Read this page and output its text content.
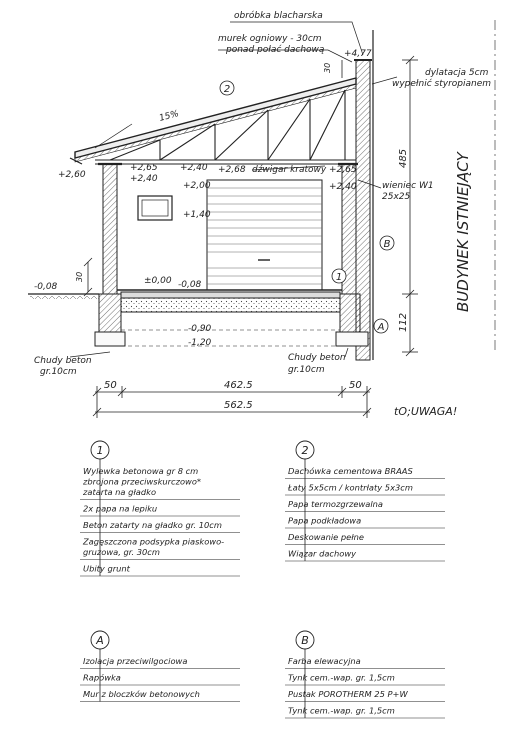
2
1
B
A
obróbka blacharska
murek ogniowy - 30cm
ponad połać dachową
dylatacja 5cm
wypełnić styropianem
dźwigar kratowy
wieniec W1
25x25
15%
Chudy beton
gr.10cm
Chudy beton
gr.10cm
BUDYNEK ISTNIEJĄCY
tO;UWAGA!
+4,77
+2,60
+2,65
+2,40
+2,40 +2,68	+2,65
+2,40
+2,00
+1,40
±0,00 -0,08
-0,08
-0,90
-1,20
30
30
485
112
50	462.5	50
562.5
1
Wylewka betonowa gr 8 cm
zbrojona przeciwskurczowo*
zatarta na gładko
2x papa na lepiku
Beton zatarty na gładko gr. 10cm
Zagęszczona podsypka piaskowo-
gruzowa, gr. 30cm
Ubity grunt
2
Dachówka cementowa BRAAS
Łaty 5x5cm / kontrłaty 5x3cm
Papa termozgrzewalna
Papa podkładowa
Deskowanie pełne
Wiązar dachowy
A
Izolacja przeciwilgociowa
Rapówka
Mur z bloczków betonowych
B
Farba elewacyjna
Tynk cem.-wap. gr. 1,5cm
Pustak POROTHERM 25 P+W
Tynk cem.-wap. gr. 1,5cm
